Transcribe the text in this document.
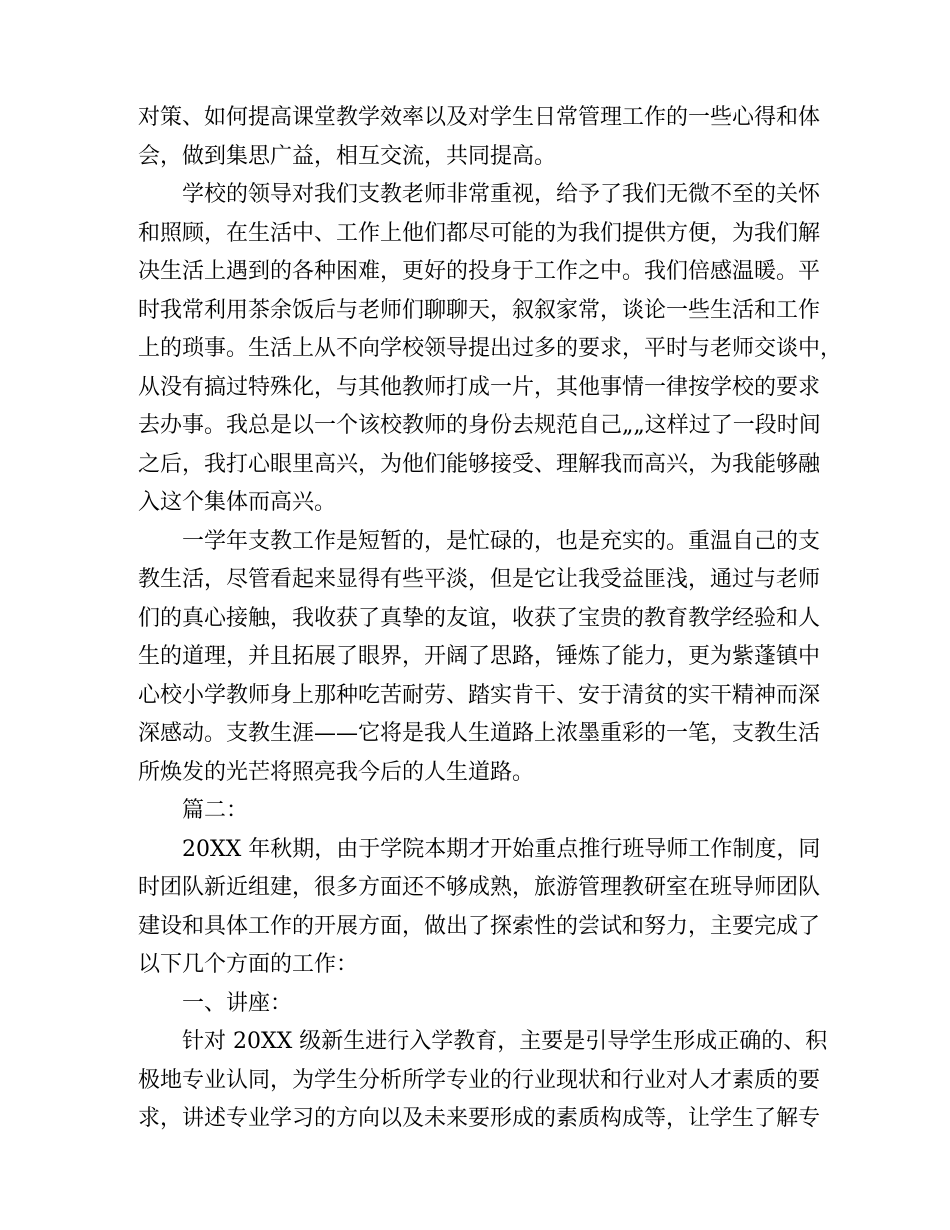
对策、如何提高课堂教学效率以及对学生日常管理工作的一些心得和体
会，做到集思广益，相互交流，共同提高。
学校的领导对我们支教老师非常重视，给予了我们无微不至的关怀
和照顾，在生活中、工作上他们都尽可能的为我们提供方便，为我们解
决生活上遇到的各种困难，更好的投身于工作之中。我们倍感温暖。平
时我常利用茶余饭后与老师们聊聊天，叙叙家常，谈论一些生活和工作
上的琐事。生活上从不向学校领导提出过多的要求，平时与老师交谈中，
从没有搞过特殊化，与其他教师打成一片，其他事情一律按学校的要求
去办事。我总是以一个该校教师的身份去规范自己„„这样过了一段时间
之后，我打心眼里高兴，为他们能够接受、理解我而高兴，为我能够融
入这个集体而高兴。
一学年支教工作是短暂的，是忙碌的，也是充实的。重温自己的支
教生活，尽管看起来显得有些平淡，但是它让我受益匪浅，通过与老师
们的真心接触，我收获了真挚的友谊，收获了宝贵的教育教学经验和人
生的道理，并且拓展了眼界，开阔了思路，锤炼了能力，更为紫蓬镇中
心校小学教师身上那种吃苦耐劳、踏实肯干、安于清贫的实干精神而深
深感动。支教生涯——它将是我人生道路上浓墨重彩的一笔，支教生活
所焕发的光芒将照亮我今后的人生道路。
篇二：
20XX 年秋期，由于学院本期才开始重点推行班导师工作制度，同
时团队新近组建，很多方面还不够成熟，旅游管理教研室在班导师团队
建设和具体工作的开展方面，做出了探索性的尝试和努力，主要完成了
以下几个方面的工作：
一、讲座：
针对 20XX 级新生进行入学教育，主要是引导学生形成正确的、积
极地专业认同，为学生分析所学专业的行业现状和行业对人才素质的要
求，讲述专业学习的方向以及未来要形成的素质构成等，让学生了解专
